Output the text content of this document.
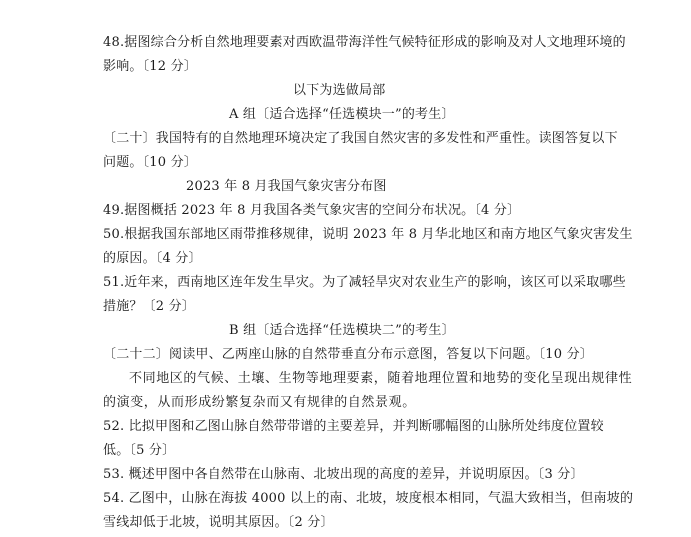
48.据图综合分析自然地理要素对西欧温带海洋性气候特征形成的影响及对人文地理环境的
影响。〔12 分〕
以下为选做局部
A 组〔适合选择“任选模块一”的考生〕
〔二十〕我国特有的自然地理环境决定了我国自然灾害的多发性和严重性。读图答复以下
问题。〔10 分〕
2023 年 8 月我国气象灾害分布图
49.据图概括 2023 年 8 月我国各类气象灾害的空间分布状况。〔4 分〕
50.根据我国东部地区雨带推移规律，说明 2023 年 8 月华北地区和南方地区气象灾害发生
的原因。〔4 分〕
51.近年来，西南地区连年发生旱灾。为了减轻旱灾对农业生产的影响，该区可以采取哪些
措施？〔2 分〕
B 组〔适合选择“任选模块二”的考生〕
〔二十二〕阅读甲、乙两座山脉的自然带垂直分布示意图，答复以下问题。〔10 分〕
不同地区的气候、土壤、生物等地理要素，随着地理位置和地势的变化呈现出规律性
的演变，从而形成纷繁复杂而又有规律的自然景观。
52. 比拟甲图和乙图山脉自然带带谱的主要差异，并判断哪幅图的山脉所处纬度位置较
低。〔5 分〕
53. 概述甲图中各自然带在山脉南、北坡出现的高度的差异，并说明原因。〔3 分〕
54. 乙图中，山脉在海拔 4000 以上的南、北坡，坡度根本相同，气温大致相当，但南坡的
雪线却低于北坡，说明其原因。〔2 分〕
